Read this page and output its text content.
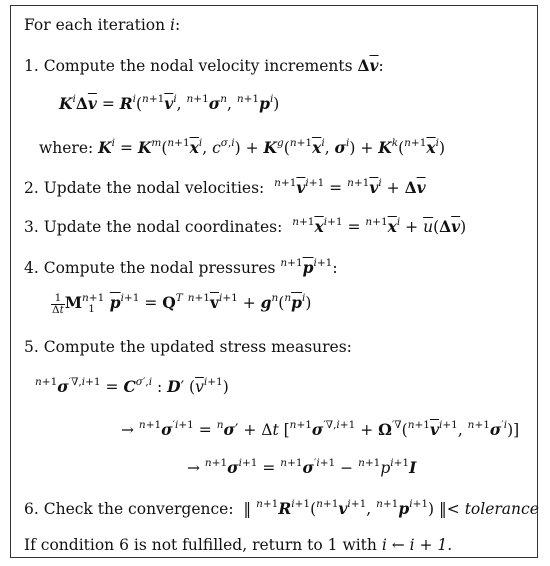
For each iteration i:
1. Compute the nodal velocity increments $\Delta\overline{v}$:
$K^i\Delta\overline{v} = R^i(^{n+1}\overline{v}^i$, $^{n+1}\sigma^n$, $^{n+1}p^i$)
where: $K^i = K^m(^{n+1}\overline{x}^i$, $c^{\sigma,i}) + K^g(^{n+1}\overline{x}^i$, $\sigma^i) + K^k(^{n+1}\overline{x}^i)$
2. Update the nodal velocities: $^{n+1}\overline{v}^{i+1} = ^{n+1}\overline{v}^i + \Delta\overline{v}$
3. Update the nodal coordinates: $^{n+1}\overline{x}^{i+1} = ^{n+1}\overline{x}^i + \overline{u}(\Delta\overline{v})$
4. Compute the nodal pressures $^{n+1}\overline{p}^{i+1}$:
$\frac{1}{\Delta t} M^{n+1}_1$ $\overline{p}^{i+1} = Q^T$ $^{n+1}\overline{v}^{i+1} + g^n(^n\overline{p}^i)$
5. Compute the updated stress measures:
$^{n+1}\sigma^{'\nabla,i+1} = C^{\sigma',i}$ : D′ $(\overline{v}^{i+1})$
→ $^{n+1}\sigma^{'i+1} = ^n\sigma' + \Delta t$ [$^{n+1}\sigma^{'\nabla,i+1} + \Omega^{'\nabla}(^{n+1}\overline{v}^{i+1}$, $^{n+1}\sigma^{'i}$)]
→ $^{n+1}\sigma^{i+1} = ^{n+1}\sigma^{'i+1} - ^{n+1}p^{i+1}I$
6. Check the convergence:  ‖ $^{n+1}R^{i+1}(^{n+1}v^{i+1}$, $^{n+1}p^{i+1}$) ‖< tolerance
If condition 6 is not fulfilled, return to 1 with i ← i + 1.
